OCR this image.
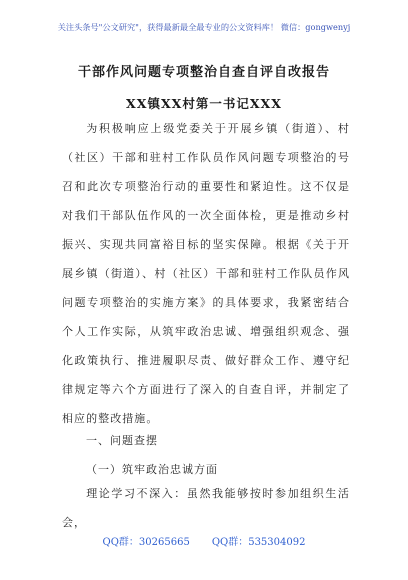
关注头条号"公文研究"，获得最新最全最专业的公文资料库！ 微信：gongwenyj
干部作风问题专项整治自查自评自改报告
XX镇XX村第一书记XXX
为积极响应上级党委关于开展乡镇（街道）、村（社区）干部和驻村工作队员作风问题专项整治的号召和此次专项整治行动的重要性和紧迫性。这不仅是对我们干部队伍作风的一次全面体检，更是推动乡村振兴、实现共同富裕目标的坚实保障。根据《关于开展乡镇（街道）、村（社区）干部和驻村工作队员作风问题专项整治的实施方案》的具体要求，我紧密结合个人工作实际，从筑牢政治忠诚、增强组织观念、强化政策执行、推进履职尽责、做好群众工作、遵守纪律规定等六个方面进行了深入的自查自评，并制定了相应的整改措施。
一、问题查摆
（一）筑牢政治忠诚方面
理论学习不深入：虽然我能够按时参加组织生活会，
QQ群：30265665 QQ群：535304092
